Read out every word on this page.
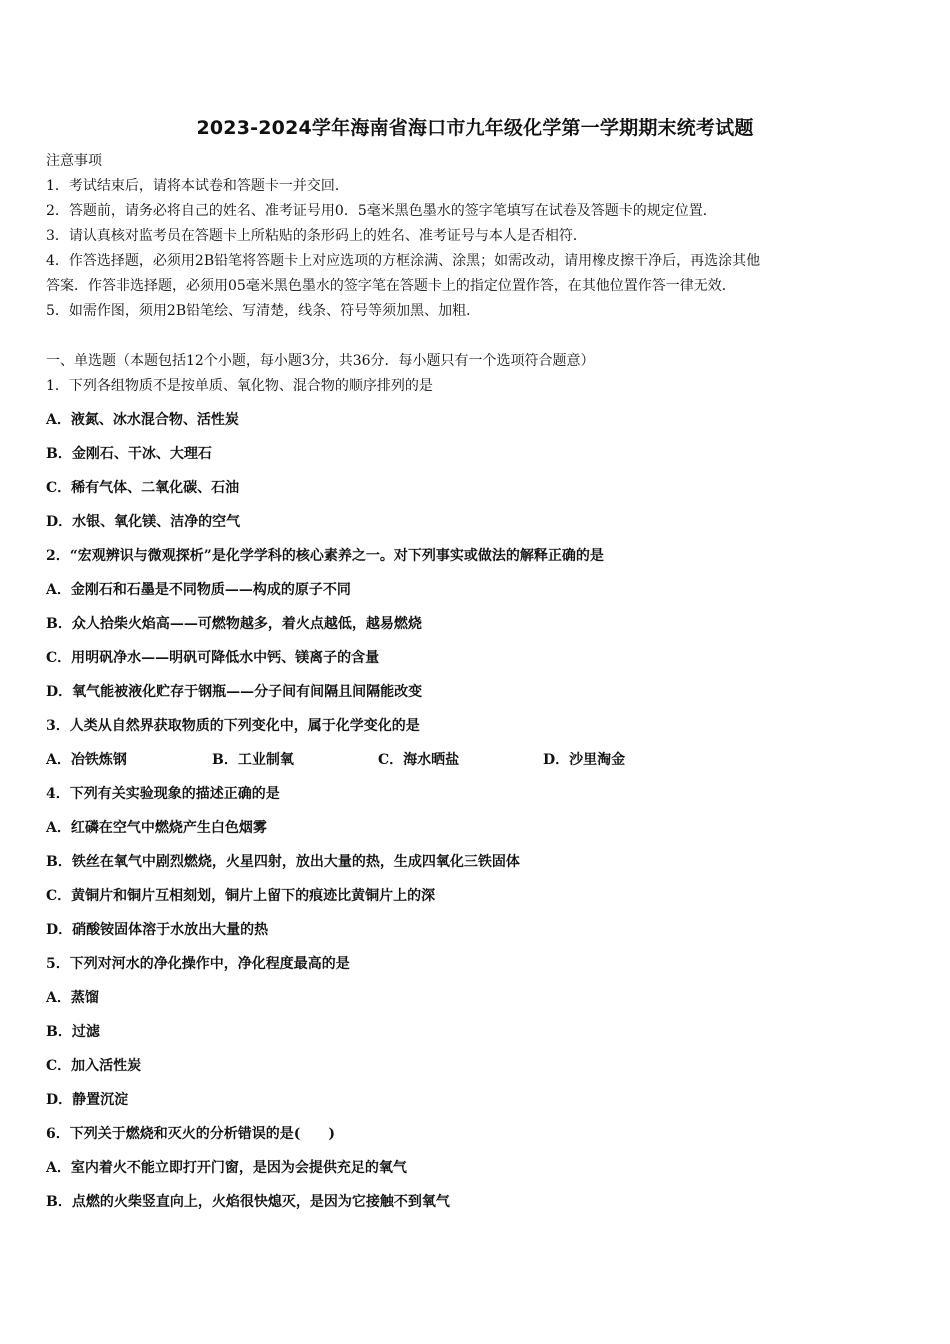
2023-2024学年海南省海口市九年级化学第一学期期末统考试题
注意事项
1．考试结束后，请将本试卷和答题卡一并交回．
2．答题前，请务必将自己的姓名、准考证号用0．5毫米黑色墨水的签字笔填写在试卷及答题卡的规定位置．
3．请认真核对监考员在答题卡上所粘贴的条形码上的姓名、准考证号与本人是否相符．
4．作答选择题，必须用2B铅笔将答题卡上对应选项的方框涂满、涂黑；如需改动，请用橡皮擦干净后，再选涂其他
答案．作答非选择题，必须用05毫米黑色墨水的签字笔在答题卡上的指定位置作答，在其他位置作答一律无效．
5．如需作图，须用2B铅笔绘、写清楚，线条、符号等须加黑、加粗．
一、单选题（本题包括12个小题，每小题3分，共36分．每小题只有一个选项符合题意）
1．下列各组物质不是按单质、氧化物、混合物的顺序排列的是
A．液氮、冰水混合物、活性炭
B．金刚石、干冰、大理石
C．稀有气体、二氧化碳、石油
D．水银、氧化镁、洁净的空气
2．“宏观辨识与微观探析”是化学学科的核心素养之一。对下列事实或做法的解释正确的是
A．金刚石和石墨是不同物质——构成的原子不同
B．众人拾柴火焰高——可燃物越多，着火点越低，越易燃烧
C．用明矾净水——明矾可降低水中钙、镁离子的含量
D．氧气能被液化贮存于钢瓶——分子间有间隔且间隔能改变
3．人类从自然界获取物质的下列变化中，属于化学变化的是
A．冶铁炼钢	B．工业制氧	C．海水晒盐	D．沙里淘金
4．下列有关实验现象的描述正确的是
A．红磷在空气中燃烧产生白色烟雾
B．铁丝在氧气中剧烈燃烧，火星四射，放出大量的热，生成四氧化三铁固体
C．黄铜片和铜片互相刻划，铜片上留下的痕迹比黄铜片上的深
D．硝酸铵固体溶于水放出大量的热
5．下列对河水的净化操作中，净化程度最高的是
A．蒸馏
B．过滤
C．加入活性炭
D．静置沉淀
6．下列关于燃烧和灭火的分析错误的是(　　)
A．室内着火不能立即打开门窗，是因为会提供充足的氧气
B．点燃的火柴竖直向上，火焰很快熄灭，是因为它接触不到氧气
